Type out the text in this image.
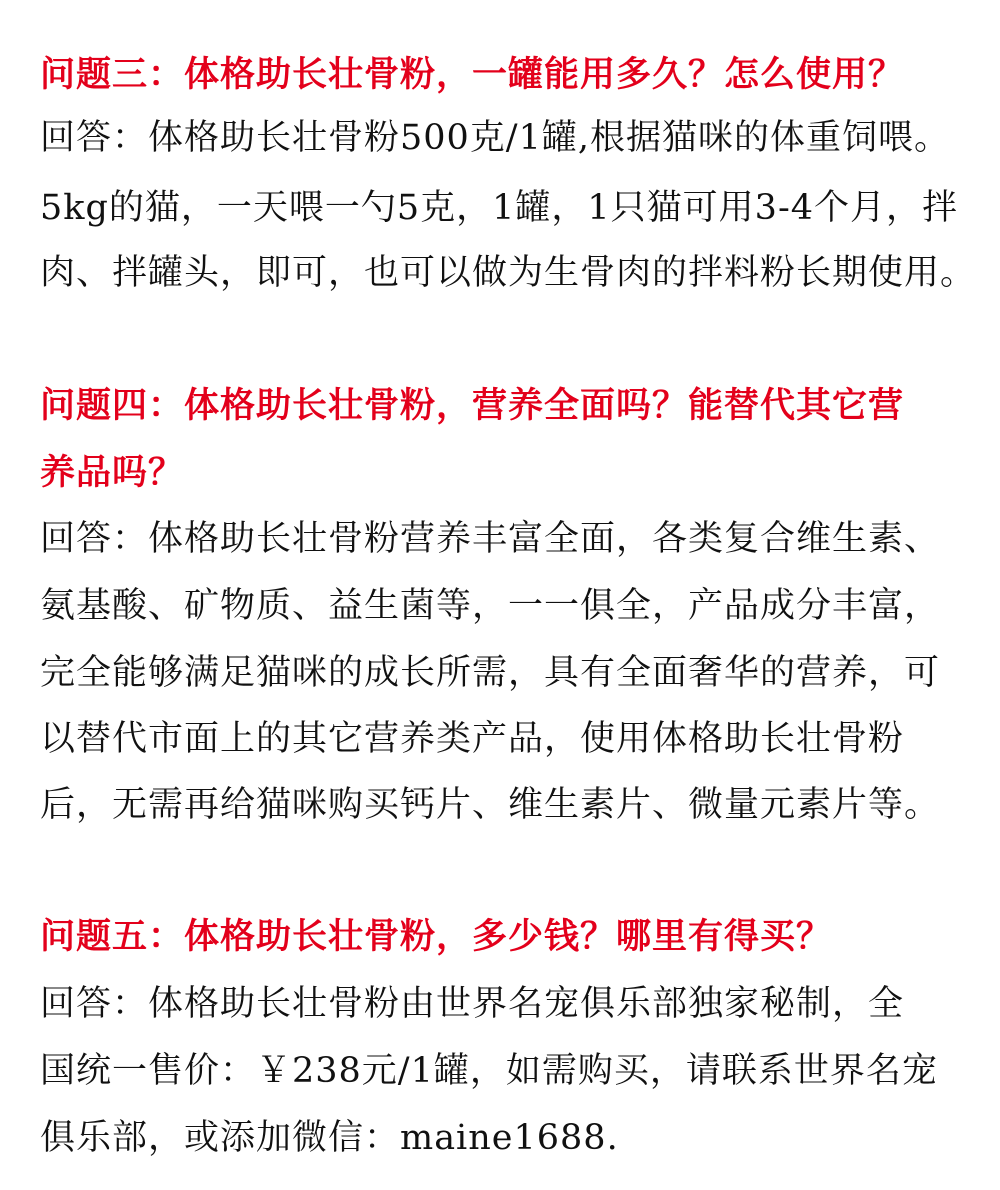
问题三：体格助长壮骨粉，一罐能用多久？怎么使用？
回答：体格助长壮骨粉500克/1罐,根据猫咪的体重饲喂。
5kg的猫，一天喂一勺5克，1罐，1只猫可用3-4个月，拌
肉、拌罐头，即可，也可以做为生骨肉的拌料粉长期使用。
问题四：体格助长壮骨粉，营养全面吗？能替代其它营
养品吗？
回答：体格助长壮骨粉营养丰富全面，各类复合维生素、
氨基酸、矿物质、益生菌等，一一俱全，产品成分丰富，
完全能够满足猫咪的成长所需，具有全面奢华的营养，可
以替代市面上的其它营养类产品，使用体格助长壮骨粉
后，无需再给猫咪购买钙片、维生素片、微量元素片等。
问题五：体格助长壮骨粉，多少钱？哪里有得买？
回答：体格助长壮骨粉由世界名宠俱乐部独家秘制，全
国统一售价：￥238元/1罐，如需购买，请联系世界名宠
俱乐部，或添加微信：maine1688.
